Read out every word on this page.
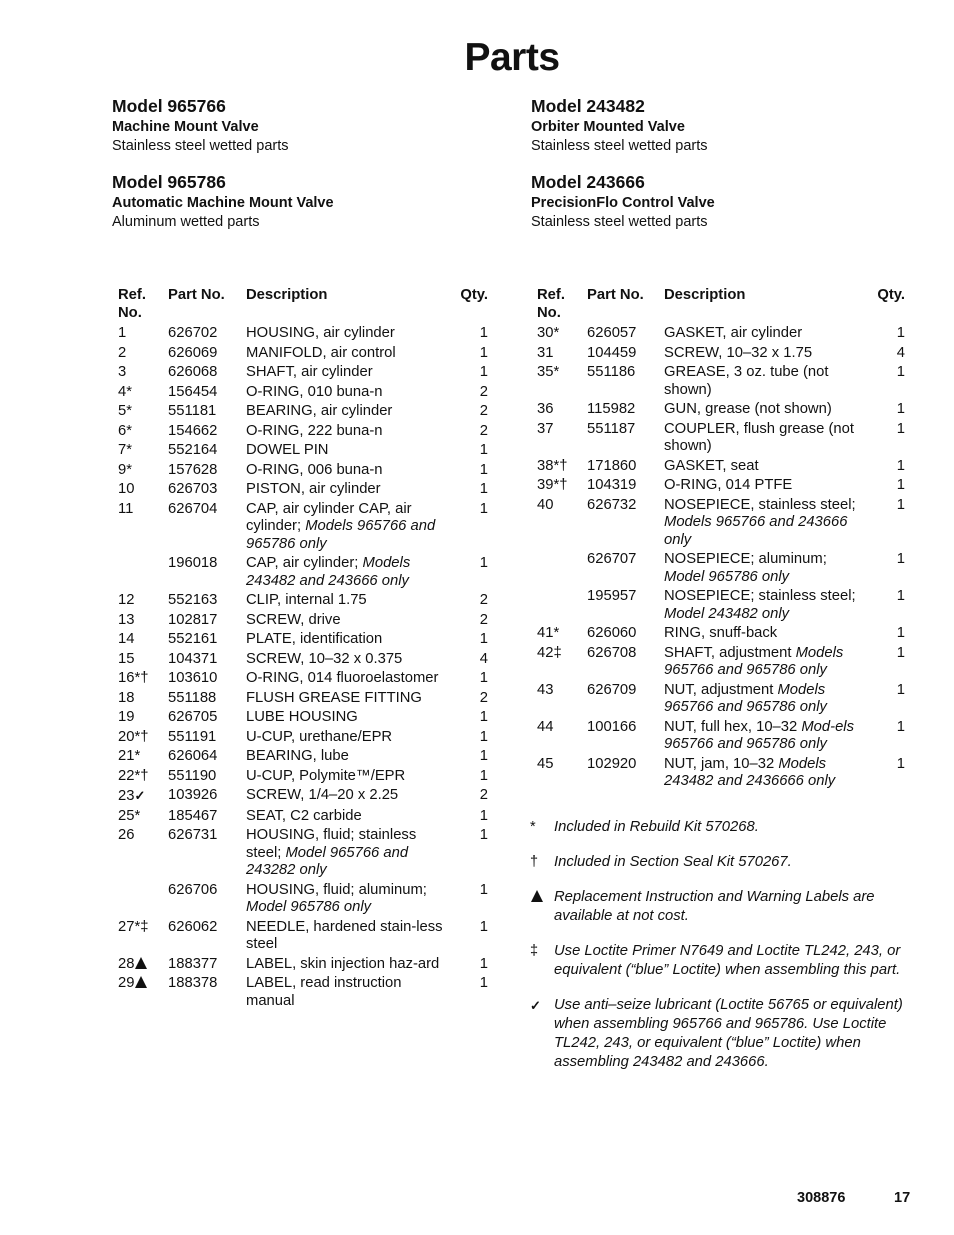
Parts
Model 965766
Machine Mount Valve
Stainless steel wetted parts
Model 243482
Orbiter Mounted Valve
Stainless steel wetted parts
Model 965786
Automatic Machine Mount Valve
Aluminum wetted parts
Model 243666
PrecisionFlo Control Valve
Stainless steel wetted parts
Ref.
No.	Part No.	Description	Qty.
1	626702	HOUSING, air cylinder	1
2	626069	MANIFOLD, air control	1
3	626068	SHAFT, air cylinder	1
4*	156454	O-RING, 010 buna-n	2
5*	551181	BEARING, air cylinder	2
6*	154662	O-RING, 222 buna-n	2
7*	552164	DOWEL PIN	1
9*	157628	O-RING, 006 buna-n	1
10	626703	PISTON, air cylinder	1
11	626704	CAP, air cylinder CAP, air cylinder; Models 965766 and 965786 only	1
	196018	CAP, air cylinder; Models 243482 and 243666 only	1
12	552163	CLIP, internal 1.75	2
13	102817	SCREW, drive	2
14	552161	PLATE, identification	1
15	104371	SCREW, 10–32 x 0.375	4
16*†	103610	O-RING, 014 fluoroelastomer	1
18	551188	FLUSH GREASE FITTING	2
19	626705	LUBE HOUSING	1
20*†	551191	U-CUP, urethane/EPR	1
21*	626064	BEARING, lube	1
22*†	551190	U-CUP, Polymite™/EPR	1
23✓	103926	SCREW, 1/4–20 x 2.25	2
25*	185467	SEAT, C2 carbide	1
26	626731	HOUSING, fluid; stainless steel; Model 965766 and 243282 only	1
	626706	HOUSING, fluid; aluminum; Model 965786 only	1
27*‡	626062	NEEDLE, hardened stain-less steel	1
28	188377	LABEL, skin injection haz-ard	1
29	188378	LABEL, read instruction manual	1
Ref.
No.	Part No.	Description	Qty.
30*	626057	GASKET, air cylinder	1
31	104459	SCREW, 10–32 x 1.75	4
35*	551186	GREASE, 3 oz. tube (not shown)	1
36	115982	GUN, grease (not shown)	1
37	551187	COUPLER, flush grease (not shown)	1
38*†	171860	GASKET, seat	1
39*†	104319	O-RING, 014 PTFE	1
40	626732	NOSEPIECE, stainless steel; Models 965766 and 243666 only	1
	626707	NOSEPIECE; aluminum; Model 965786 only	1
	195957	NOSEPIECE; stainless steel; Model 243482 only	1
41*	626060	RING, snuff-back	1
42‡	626708	SHAFT, adjustment Models 965766 and 965786 only	1
43	626709	NUT, adjustment Models 965766 and 965786 only	1
44	100166	NUT, full hex, 10–32 Mod-els 965766 and 965786 only	1
45	102920	NUT, jam, 10–32 Models 243482 and 2436666 only	1
*	Included in Rebuild Kit 570268.
†	Included in Section Seal Kit 570267.
Replacement Instruction and Warning Labels are available at not cost.
‡	Use Loctite Primer N7649 and Loctite TL242, 243, or equivalent (“blue” Loctite) when assembling this part.
✓ Use anti–seize lubricant (Loctite 56765 or equivalent) when assembling 965766 and 965786. Use Loctite TL242, 243, or equivalent (“blue” Loctite) when assembling 243482 and 243666.
308876	17
